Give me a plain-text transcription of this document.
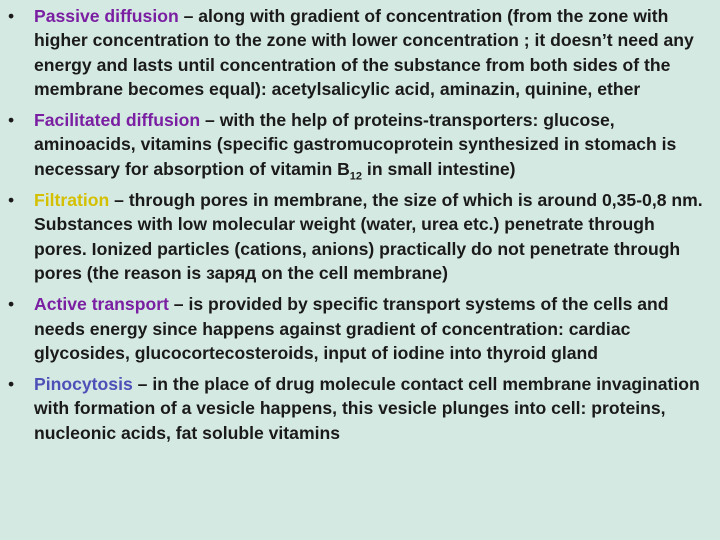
• Passive diffusion – along with gradient of concentration (from the zone with higher concentration to the zone with lower concentration ; it doesn’t need any energy and lasts until concentration of the substance from both sides of the membrane becomes equal): acetylsalicylic acid, aminazin, quinine, ether
• Facilitated diffusion – with the help of proteins-transporters: glucose, aminoacids, vitamins (specific gastromucoprotein synthesized in stomach is necessary for absorption of vitamin $B_{12}$ in small intestine)
• Filtration – through pores in membrane, the size of which is around 0,35-0,8 nm. Substances with low molecular weight (water, urea etc.) penetrate through pores. Ionized particles (cations, anions) practically do not penetrate through pores (the reason is заряд on the cell membrane)
• Active transport – is provided by specific transport systems of the cells and needs energy since happens against gradient of concentration: cardiac glycosides, glucocortecosteroids, input of iodine into thyroid gland
• Pinocytosis – in the place of drug molecule contact cell membrane invagination with formation of a vesicle happens, this vesicle plunges into cell: proteins, nucleonic acids, fat soluble vitamins
